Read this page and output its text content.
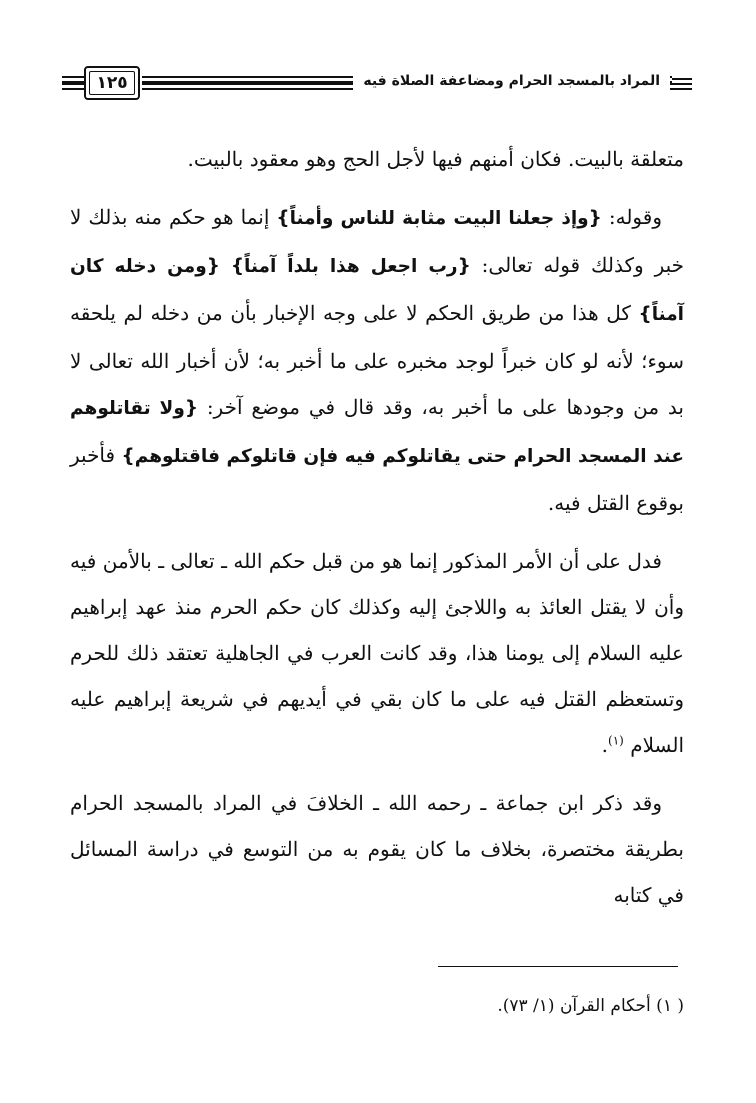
١٢٥	المراد بالمسجد الحرام ومضاعفة الصلاة فيه

متعلقة بالبيت. فكان أمنهم فيها لأجل الحج وهو معقود بالبيت.

وقوله: {وإذ جعلنا البيت مثابة للناس وأمناً} إنما هو حكم منه بذلك لا خبر وكذلك قوله تعالى: {رب اجعل هذا بلداً آمناً} {ومن دخله كان آمناً} كل هذا من طريق الحكم لا على وجه الإخبار بأن من دخله لم يلحقه سوء؛ لأنه لو كان خبراً لوجد مخبره على ما أخبر به؛ لأن أخبار الله تعالى لا بد من وجودها على ما أخبر به، وقد قال في موضع آخر: {ولا تقاتلوهم عند المسجد الحرام حتى يقاتلوكم فيه فإن قاتلوكم فاقتلوهم} فأخبر بوقوع القتل فيه.

فدل على أن الأمر المذكور إنما هو من قبل حكم الله ـ تعالى ـ بالأمن فيه وأن لا يقتل العائذ به واللاجئ إليه وكذلك كان حكم الحرم منذ عهد إبراهيم عليه السلام إلى يومنا هذا، وقد كانت العرب في الجاهلية تعتقد ذلك للحرم وتستعظم القتل فيه على ما كان بقي في أيديهم في شريعة إبراهيم عليه السلام $^{(١)}$.

وقد ذكر ابن جماعة ـ رحمه الله ـ الخلافَ في المراد بالمسجد الحرام بطريقة مختصرة، بخلاف ما كان يقوم به من التوسع في دراسة المسائل في كتابه

( ١) أحكام القرآن (١/ ٧٣).
